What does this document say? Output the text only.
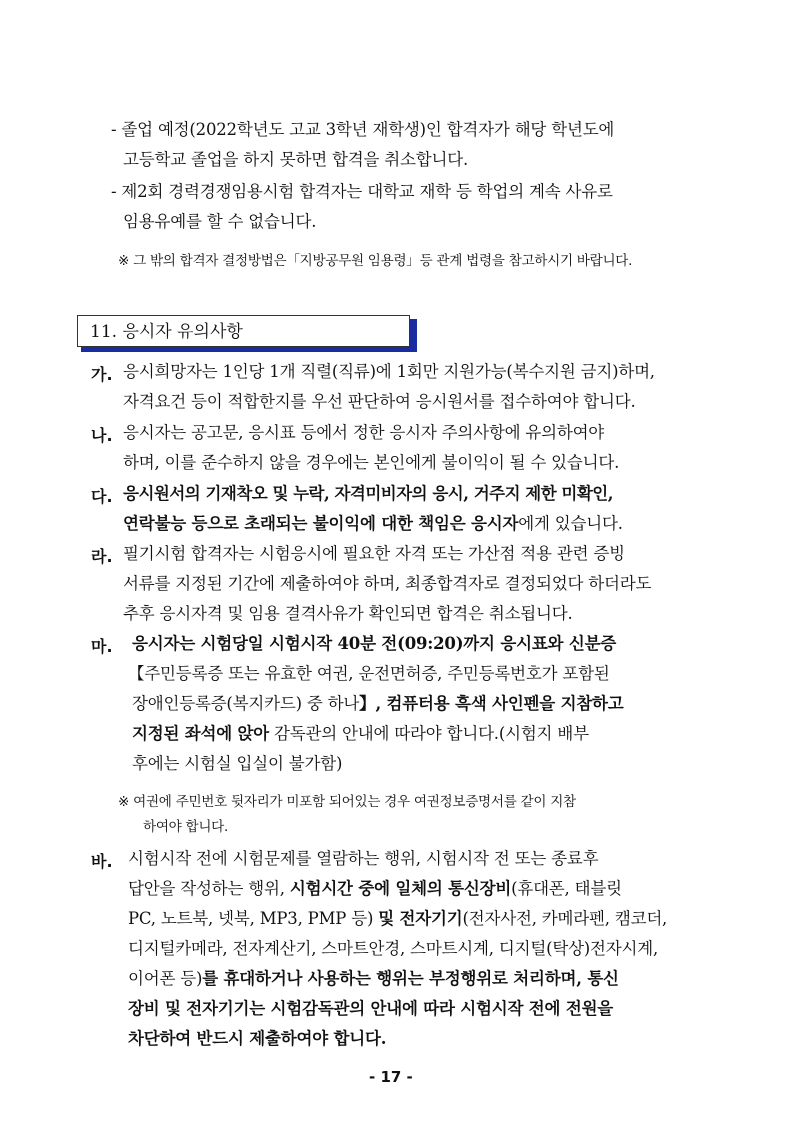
- 졸업 예정(2022학년도 고교 3학년 재학생)인 합격자가 해당 학년도에
고등학교 졸업을 하지 못하면 합격을 취소합니다.
- 제2회 경력경쟁임용시험 합격자는 대학교 재학 등 학업의 계속 사유로
임용유예를 할 수 없습니다.
※ 그 밖의 합격자 결정방법은「지방공무원 임용령」등 관계 법령을 참고하시기 바랍니다.
11. 응시자 유의사항
가. 응시희망자는 1인당 1개 직렬(직류)에 1회만 지원가능(복수지원 금지)하며,
자격요건 등이 적합한지를 우선 판단하여 응시원서를 접수하여야 합니다.
나. 응시자는 공고문, 응시표 등에서 정한 응시자 주의사항에 유의하여야
하며, 이를 준수하지 않을 경우에는 본인에게 불이익이 될 수 있습니다.
다. 응시원서의 기재착오 및 누락, 자격미비자의 응시, 거주지 제한 미확인,
연락불능 등으로 초래되는 불이익에 대한 책임은 응시자에게 있습니다.
라. 필기시험 합격자는 시험응시에 필요한 자격 또는 가산점 적용 관련 증빙
서류를 지정된 기간에 제출하여야 하며, 최종합격자로 결정되었다 하더라도
추후 응시자격 및 임용 결격사유가 확인되면 합격은 취소됩니다.
마. 응시자는 시험당일 시험시작 40분 전(09:20)까지 응시표와 신분증
【주민등록증 또는 유효한 여권, 운전면허증, 주민등록번호가 포함된
장애인등록증(복지카드) 중 하나】, 컴퓨터용 흑색 사인펜을 지참하고
지정된 좌석에 앉아 감독관의 안내에 따라야 합니다.(시험지 배부
후에는 시험실 입실이 불가함)
※ 여권에 주민번호 뒷자리가 미포함 되어있는 경우 여권정보증명서를 같이 지참
하여야 합니다.
바. 시험시작 전에 시험문제를 열람하는 행위, 시험시작 전 또는 종료후
답안을 작성하는 행위, 시험시간 중에 일체의 통신장비(휴대폰, 태블릿
PC, 노트북, 넷북, MP3, PMP 등) 및 전자기기(전자사전, 카메라펜, 캠코더,
디지털카메라, 전자계산기, 스마트안경, 스마트시계, 디지털(탁상)전자시계,
이어폰 등)를 휴대하거나 사용하는 행위는 부정행위로 처리하며, 통신
장비 및 전자기기는 시험감독관의 안내에 따라 시험시작 전에 전원을
차단하여 반드시 제출하여야 합니다.
- 17 -
